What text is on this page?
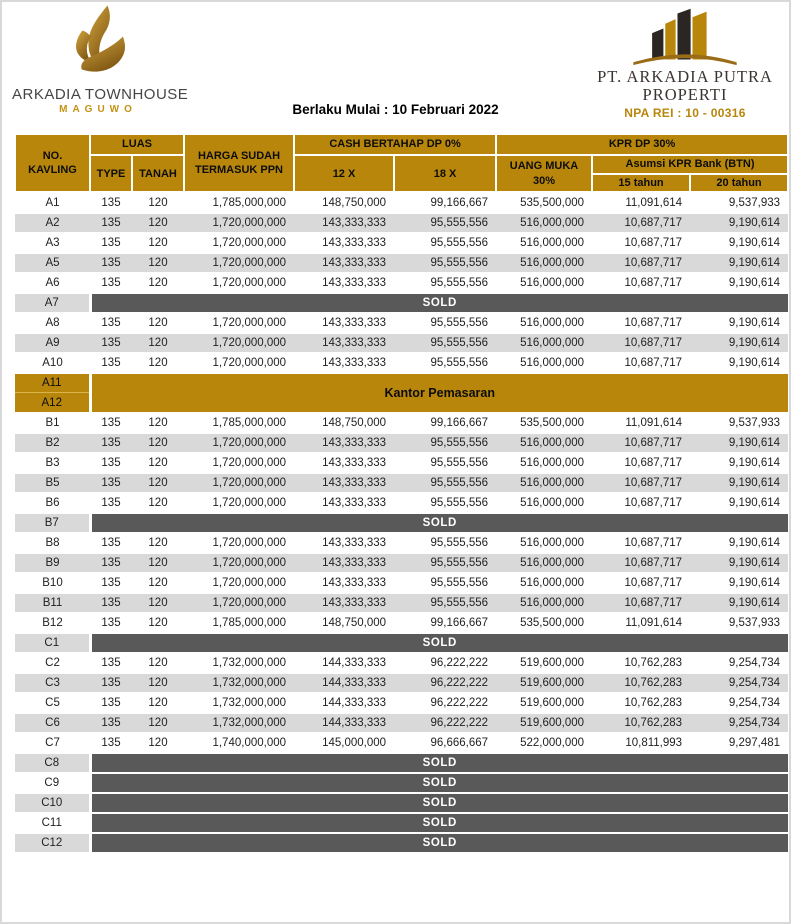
ARKADIA TOWNHOUSE
MAGUWO	Berlaku Mulai : 10 Februari 2022
PT. ARKADIA PUTRA
PROPERTI
NPA REI : 10 - 00316
NO. KAVLING	LUAS		HARGA SUDAH TERMASUK PPN	CASH BERTAHAP DP 0%		KPR DP 30%		
	TYPE	TANAH		12 X	18 X	UANG MUKA 30%	Asumsi KPR Bank (BTN)	
							15 tahun	20 tahun
A1	135	120	1,785,000,000	148,750,000	99,166,667	535,500,000	11,091,614	9,537,933
A2	135	120	1,720,000,000	143,333,333	95,555,556	516,000,000	10,687,717	9,190,614
A3	135	120	1,720,000,000	143,333,333	95,555,556	516,000,000	10,687,717	9,190,614
A5	135	120	1,720,000,000	143,333,333	95,555,556	516,000,000	10,687,717	9,190,614
A6	135	120	1,720,000,000	143,333,333	95,555,556	516,000,000	10,687,717	9,190,614
A7	SOLD							
A8	135	120	1,720,000,000	143,333,333	95,555,556	516,000,000	10,687,717	9,190,614
A9	135	120	1,720,000,000	143,333,333	95,555,556	516,000,000	10,687,717	9,190,614
A10	135	120	1,720,000,000	143,333,333	95,555,556	516,000,000	10,687,717	9,190,614
A11	Kantor Pemasaran							
A12								
B1	135	120	1,785,000,000	148,750,000	99,166,667	535,500,000	11,091,614	9,537,933
B2	135	120	1,720,000,000	143,333,333	95,555,556	516,000,000	10,687,717	9,190,614
B3	135	120	1,720,000,000	143,333,333	95,555,556	516,000,000	10,687,717	9,190,614
B5	135	120	1,720,000,000	143,333,333	95,555,556	516,000,000	10,687,717	9,190,614
B6	135	120	1,720,000,000	143,333,333	95,555,556	516,000,000	10,687,717	9,190,614
B7	SOLD							
B8	135	120	1,720,000,000	143,333,333	95,555,556	516,000,000	10,687,717	9,190,614
B9	135	120	1,720,000,000	143,333,333	95,555,556	516,000,000	10,687,717	9,190,614
B10	135	120	1,720,000,000	143,333,333	95,555,556	516,000,000	10,687,717	9,190,614
B11	135	120	1,720,000,000	143,333,333	95,555,556	516,000,000	10,687,717	9,190,614
B12	135	120	1,785,000,000	148,750,000	99,166,667	535,500,000	11,091,614	9,537,933
C1	SOLD							
C2	135	120	1,732,000,000	144,333,333	96,222,222	519,600,000	10,762,283	9,254,734
C3	135	120	1,732,000,000	144,333,333	96,222,222	519,600,000	10,762,283	9,254,734
C5	135	120	1,732,000,000	144,333,333	96,222,222	519,600,000	10,762,283	9,254,734
C6	135	120	1,732,000,000	144,333,333	96,222,222	519,600,000	10,762,283	9,254,734
C7	135	120	1,740,000,000	145,000,000	96,666,667	522,000,000	10,811,993	9,297,481
C8	SOLD							
C9	SOLD							
C10	SOLD							
C11	SOLD							
C12	SOLD							
